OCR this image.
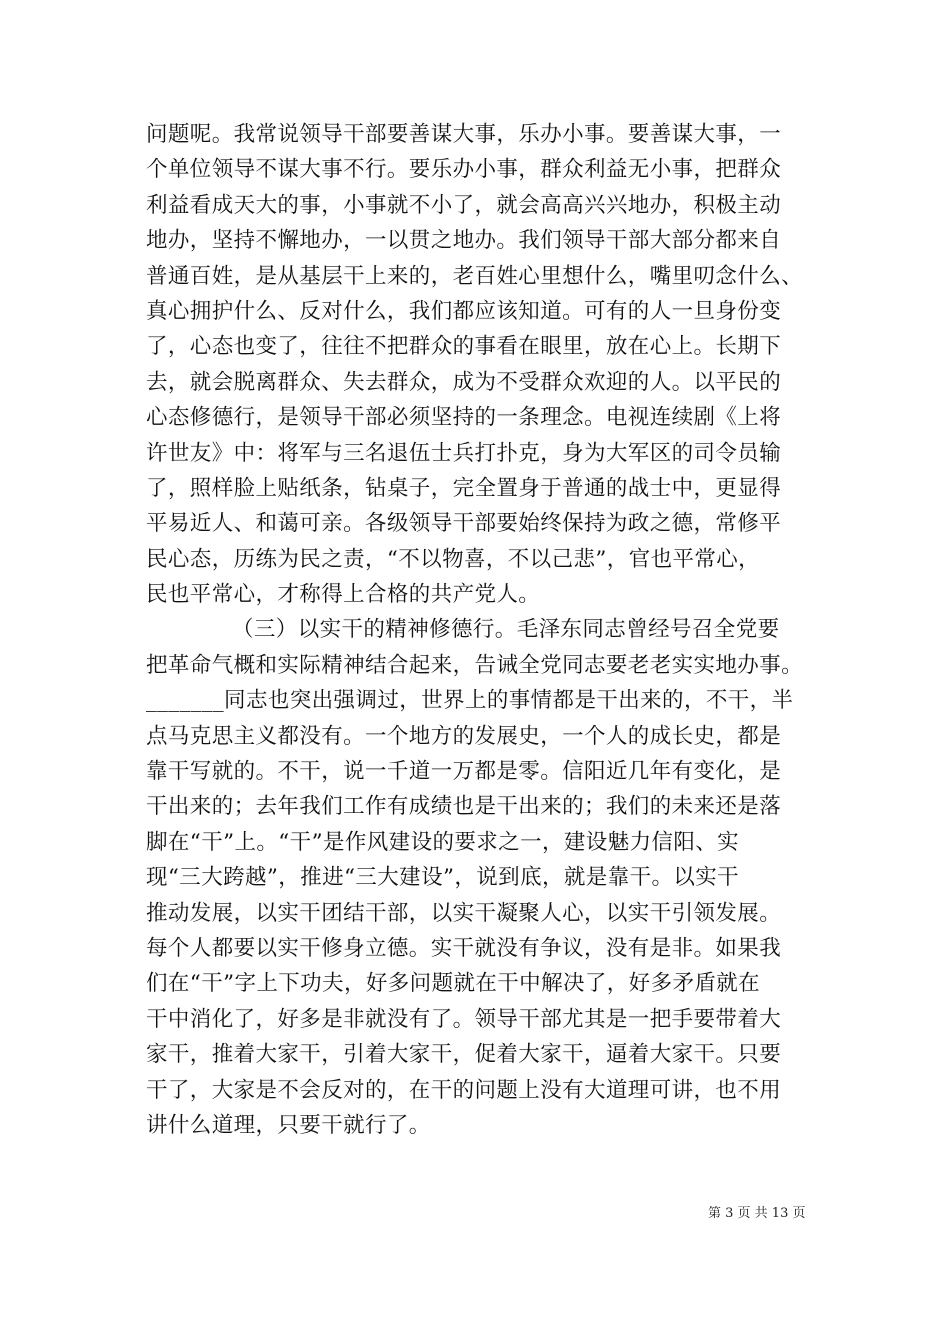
问题呢。我常说领导干部要善谋大事，乐办小事。要善谋大事，一
个单位领导不谋大事不行。要乐办小事，群众利益无小事，把群众
利益看成天大的事，小事就不小了，就会高高兴兴地办，积极主动
地办，坚持不懈地办，一以贯之地办。我们领导干部大部分都来自
普通百姓，是从基层干上来的，老百姓心里想什么，嘴里叨念什么、
真心拥护什么、反对什么，我们都应该知道。可有的人一旦身份变
了，心态也变了，往往不把群众的事看在眼里，放在心上。长期下
去，就会脱离群众、失去群众，成为不受群众欢迎的人。以平民的
心态修德行，是领导干部必须坚持的一条理念。电视连续剧《上将
许世友》中：将军与三名退伍士兵打扑克，身为大军区的司令员输
了，照样脸上贴纸条，钻桌子，完全置身于普通的战士中，更显得
平易近人、和蔼可亲。各级领导干部要始终保持为政之德，常修平
民心态，历练为民之责，“不以物喜，不以己悲”，官也平常心，
民也平常心，才称得上合格的共产党人。
（三）以实干的精神修德行。毛泽东同志曾经号召全党要
把革命气概和实际精神结合起来，告诫全党同志要老老实实地办事。
_______同志也突出强调过，世界上的事情都是干出来的，不干，半
点马克思主义都没有。一个地方的发展史，一个人的成长史，都是
靠干写就的。不干，说一千道一万都是零。信阳近几年有变化，是
干出来的；去年我们工作有成绩也是干出来的；我们的未来还是落
脚在“干”上。“干”是作风建设的要求之一，建设魅力信阳、实
现“三大跨越”，推进“三大建设”，说到底，就是靠干。以实干
推动发展，以实干团结干部，以实干凝聚人心，以实干引领发展。
每个人都要以实干修身立德。实干就没有争议，没有是非。如果我
们在“干”字上下功夫，好多问题就在干中解决了，好多矛盾就在
干中消化了，好多是非就没有了。领导干部尤其是一把手要带着大
家干，推着大家干，引着大家干，促着大家干，逼着大家干。只要
干了，大家是不会反对的，在干的问题上没有大道理可讲，也不用
讲什么道理，只要干就行了。
第 3 页 共 13 页
